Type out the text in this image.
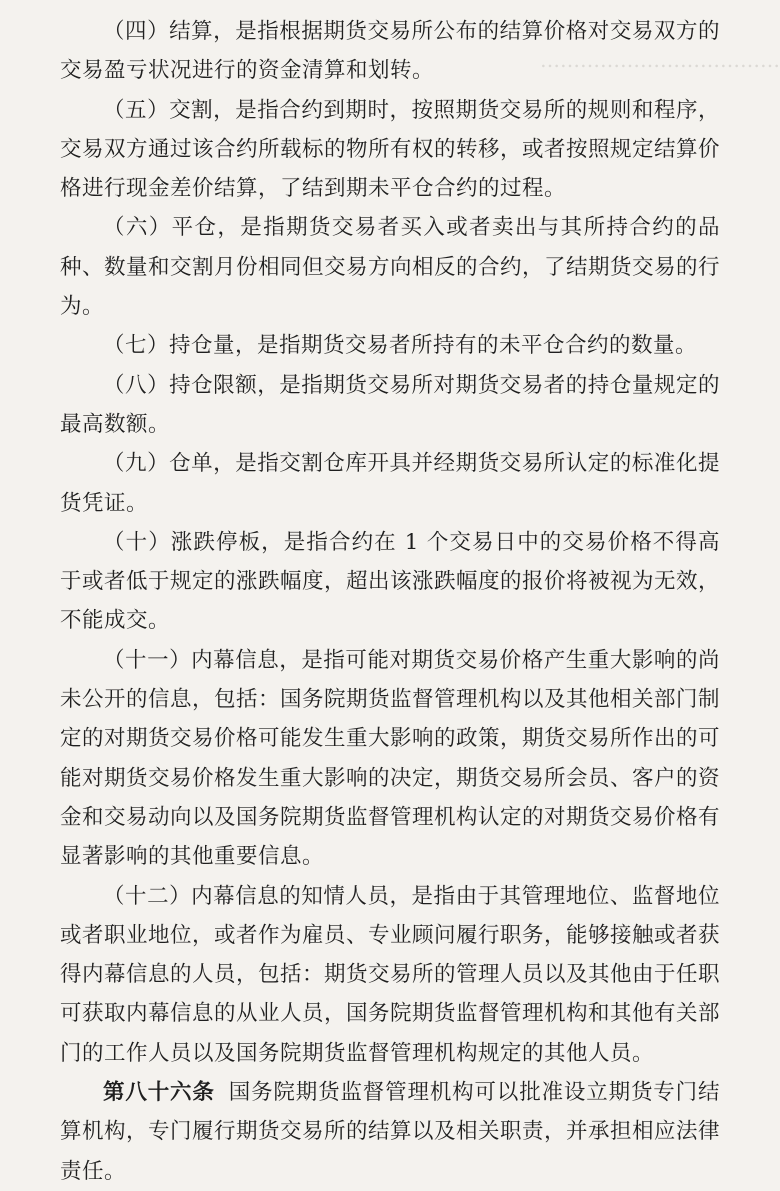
………………………………

（四）结算，是指根据期货交易所公布的结算价格对交易双方的交易盈亏状况进行的资金清算和划转。

（五）交割，是指合约到期时，按照期货交易所的规则和程序，交易双方通过该合约所载标的物所有权的转移，或者按照规定结算价格进行现金差价结算，了结到期未平仓合约的过程。

（六）平仓，是指期货交易者买入或者卖出与其所持合约的品种、数量和交割月份相同但交易方向相反的合约，了结期货交易的行为。

（七）持仓量，是指期货交易者所持有的未平仓合约的数量。

（八）持仓限额，是指期货交易所对期货交易者的持仓量规定的最高数额。

（九）仓单，是指交割仓库开具并经期货交易所认定的标准化提货凭证。

（十）涨跌停板，是指合约在 1 个交易日中的交易价格不得高于或者低于规定的涨跌幅度，超出该涨跌幅度的报价将被视为无效，不能成交。

（十一）内幕信息，是指可能对期货交易价格产生重大影响的尚未公开的信息，包括：国务院期货监督管理机构以及其他相关部门制定的对期货交易价格可能发生重大影响的政策，期货交易所作出的可能对期货交易价格发生重大影响的决定，期货交易所会员、客户的资金和交易动向以及国务院期货监督管理机构认定的对期货交易价格有显著影响的其他重要信息。

（十二）内幕信息的知情人员，是指由于其管理地位、监督地位或者职业地位，或者作为雇员、专业顾问履行职务，能够接触或者获得内幕信息的人员，包括：期货交易所的管理人员以及其他由于任职可获取内幕信息的从业人员，国务院期货监督管理机构和其他有关部门的工作人员以及国务院期货监督管理机构规定的其他人员。

第八十六条 国务院期货监督管理机构可以批准设立期货专门结算机构，专门履行期货交易所的结算以及相关职责，并承担相应法律责任。
